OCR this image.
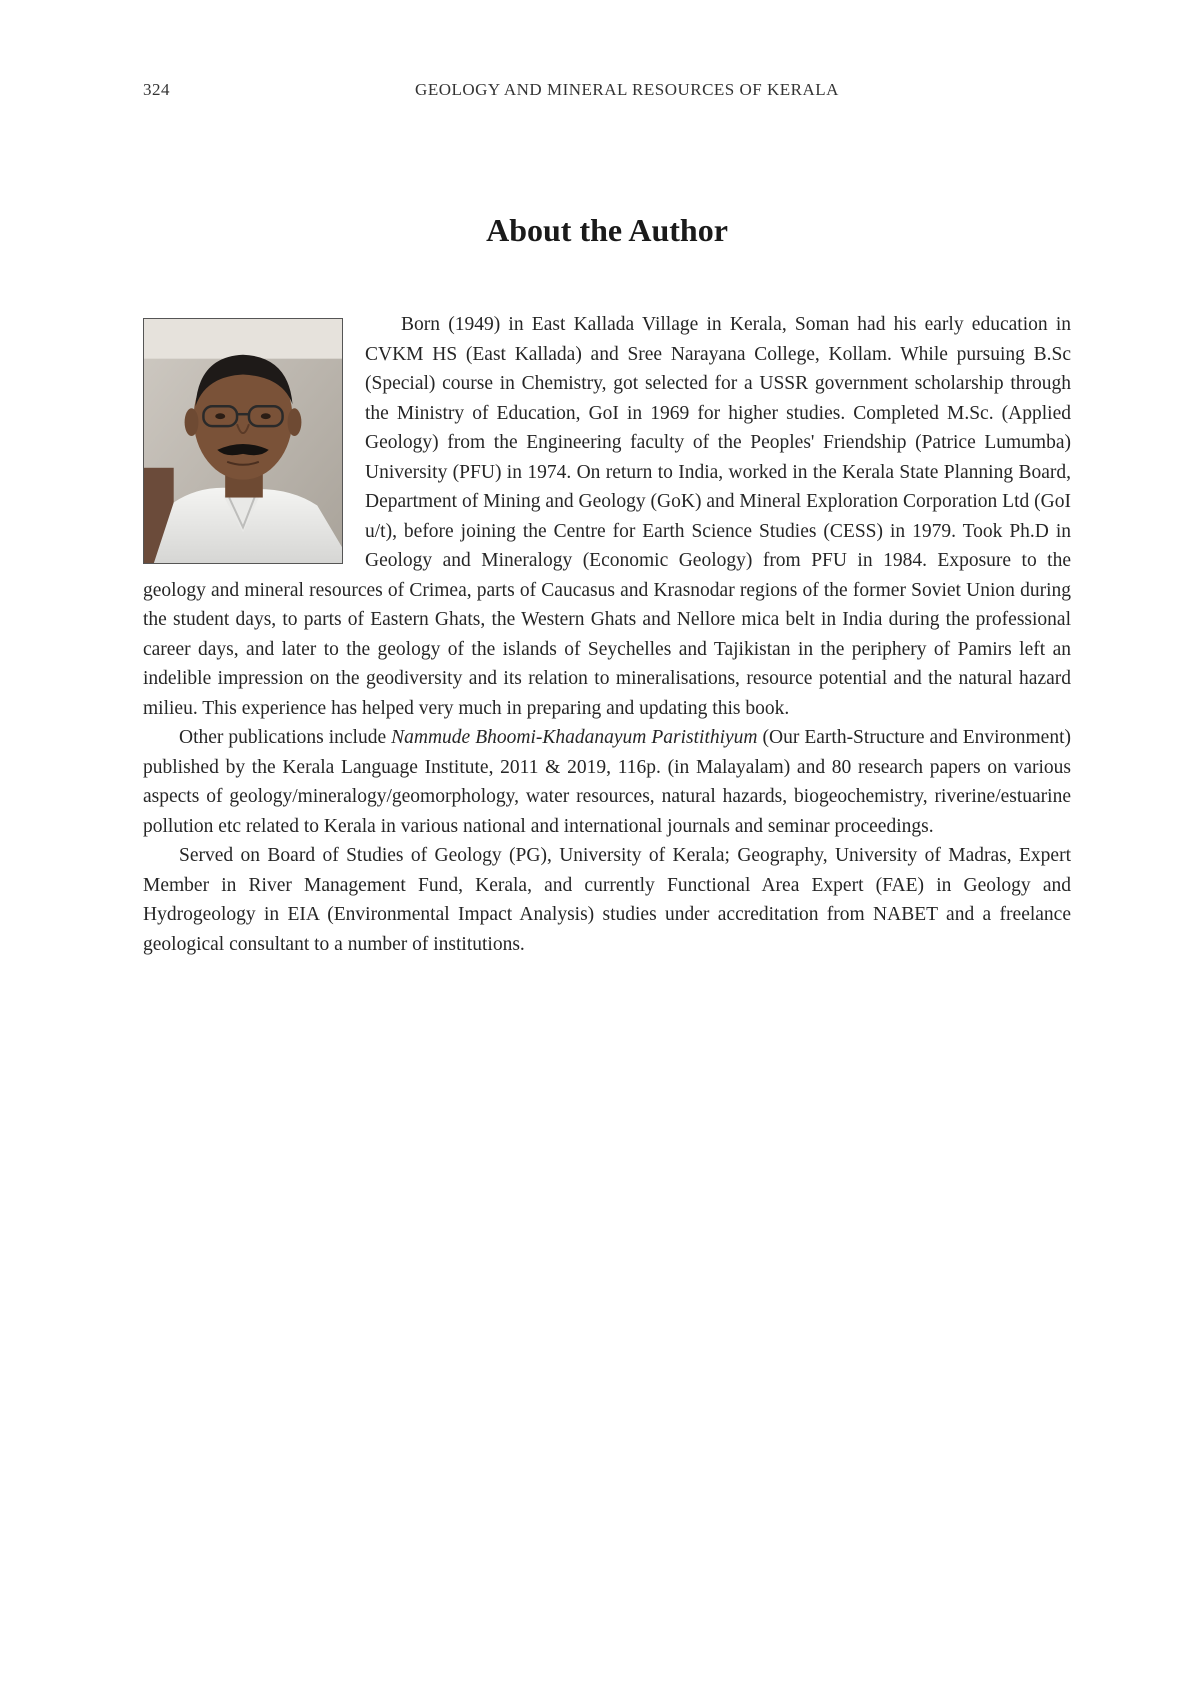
324	GEOLOGY AND MINERAL RESOURCES OF KERALA
About the Author

Born (1949) in East Kallada Village in Kerala, Soman had his early education in CVKM HS (East Kallada) and Sree Narayana College, Kollam. While pursuing B.Sc (Special) course in Chemistry, got selected for a USSR government scholarship through the Ministry of Education, GoI in 1969 for higher studies. Completed M.Sc. (Applied Geology) from the Engineering faculty of the Peoples' Friendship (Patrice Lumumba) University (PFU) in 1974. On return to India, worked in the Kerala State Planning Board, Department of Mining and Geology (GoK) and Mineral Exploration Corporation Ltd (GoI u/t), before joining the Centre for Earth Science Studies (CESS) in 1979. Took Ph.D in Geology and Mineralogy (Economic Geology) from PFU in 1984. Exposure to the geology and mineral resources of Crimea, parts of Caucasus and Krasnodar regions of the former Soviet Union during the student days, to parts of Eastern Ghats, the Western Ghats and Nellore mica belt in India during the professional career days, and later to the geology of the islands of Seychelles and Tajikistan in the periphery of Pamirs left an indelible impression on the geodiversity and its relation to mineralisations, resource potential and the natural hazard milieu. This experience has helped very much in preparing and updating this book.

Other publications include Nammude Bhoomi-Khadanayum Paristithiyum (Our Earth-Structure and Environment) published by the Kerala Language Institute, 2011 & 2019, 116p. (in Malayalam) and 80 research papers on various aspects of geology/mineralogy/geomorphology, water resources, natural hazards, biogeochemistry, riverine/estuarine pollution etc related to Kerala in various national and international journals and seminar proceedings.

Served on Board of Studies of Geology (PG), University of Kerala; Geography, University of Madras, Expert Member in River Management Fund, Kerala, and currently Functional Area Expert (FAE) in Geology and Hydrogeology in EIA (Environmental Impact Analysis) studies under accreditation from NABET and a freelance geological consultant to a number of institutions.
